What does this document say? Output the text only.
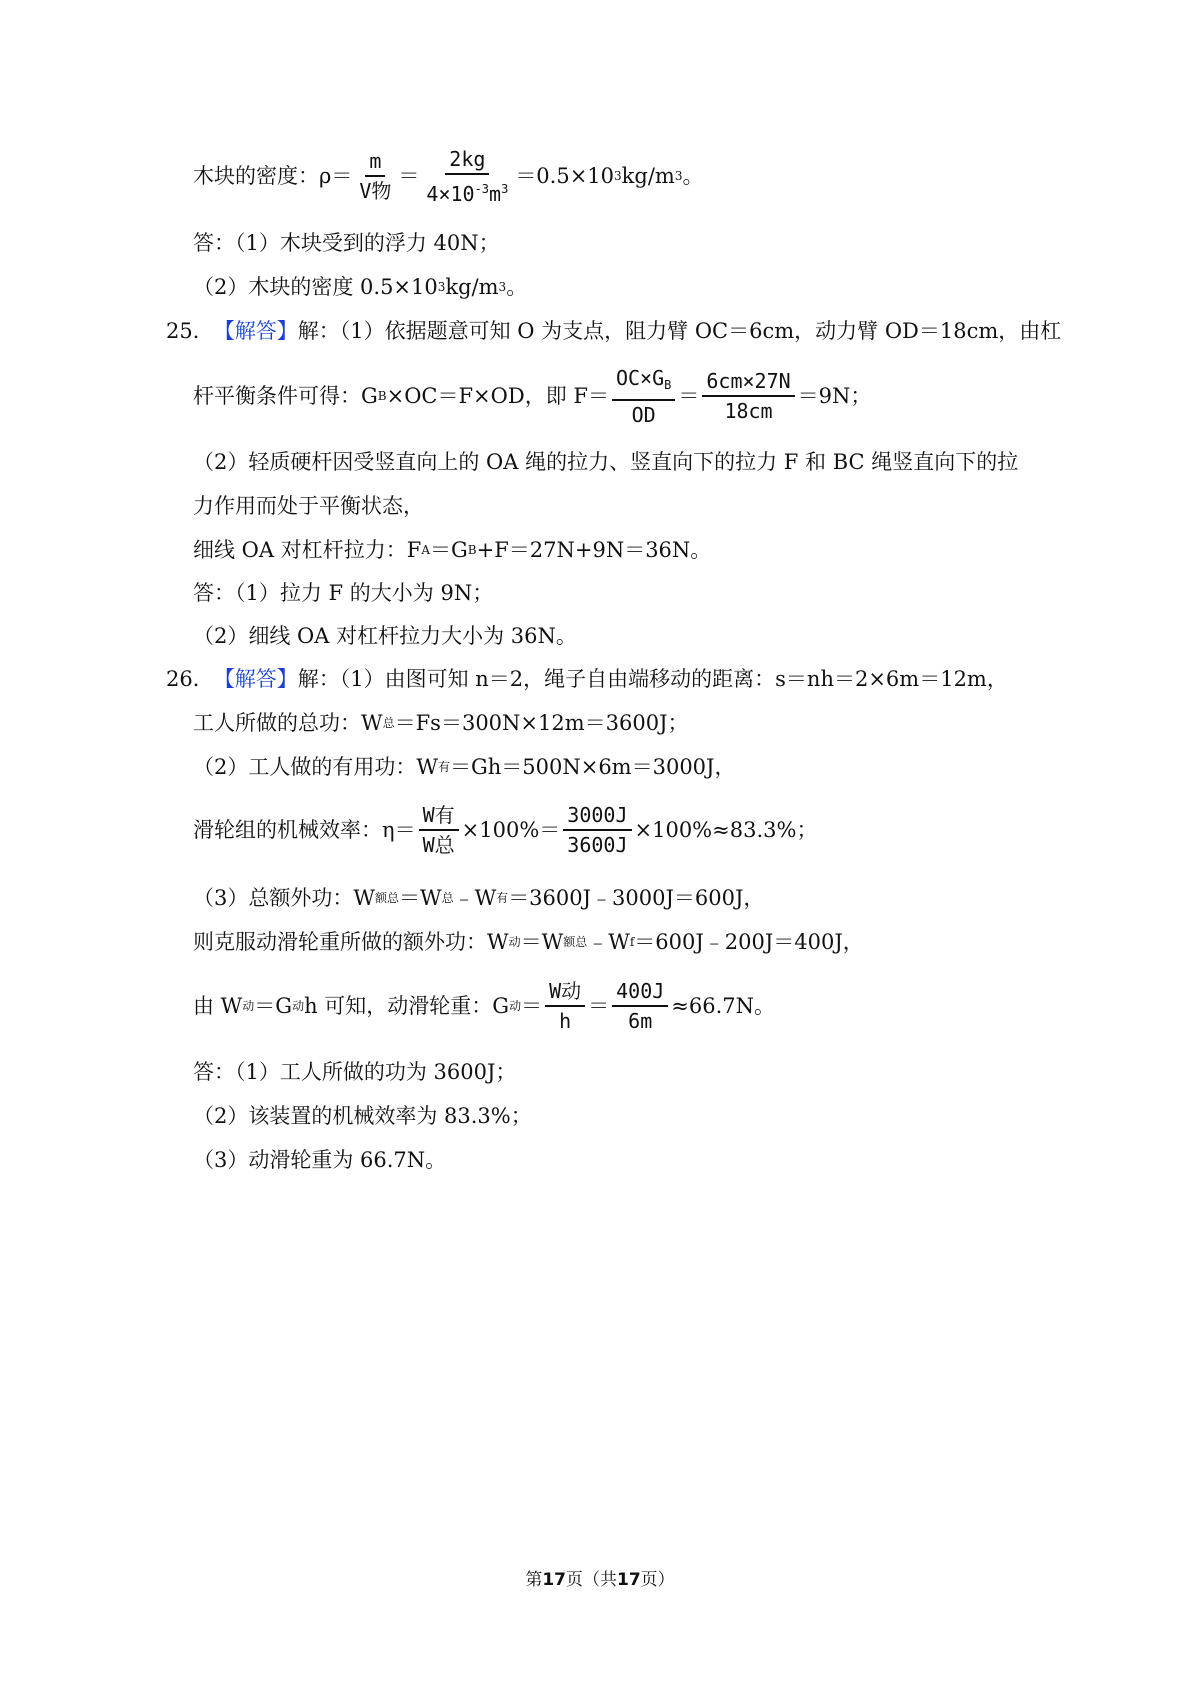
木块的密度：$\rho= \frac{m}{\text{V物}} = \frac{2kg}{4\times 10^{-3}m^3} =0.5\times 10$ 3 kg/m 3 。
答：（1）木块受到的浮力 40N；
（2）木块的密度 0.5×10 3 kg/m 3 。
25． 【解答】 解：（1）依据题意可知 O 为支点，阻力臂 OC＝6cm，动力臂 OD＝18cm，由杠
杆平衡条件可得：G B ×OC＝F×OD，即 $F= \frac{OC\times G_B}{OD} = \frac{6cm\times 27N}{18cm} =9N$；
（2）轻质硬杆因受竖直向上的 OA 绳的拉力、竖直向下的拉力 F 和 BC 绳竖直向下的拉
力作用而处于平衡状态，
细线 OA 对杠杆拉力：F A ＝G B +F＝27N+9N＝36N。
答：（1）拉力 F 的大小为 9N；
（2）细线 OA 对杠杆拉力大小为 36N。
26． 【解答】 解：（1）由图可知 n＝2，绳子自由端移动的距离：s＝nh＝2×6m＝12m，
工人所做的总功：W 总 ＝Fs＝300N×12m＝3600J；
（2）工人做的有用功：W 有 ＝Gh＝500N×6m＝3000J，
滑轮组的机械效率：$\eta= \frac{\text{W有}}{\text{W总}} \times 100\%= \frac{3000J}{3600J} \times 100\%\approx 83.3\%$；
（3）总额外功：W 额总 ＝W 总 ﹣W 有 ＝3600J﹣3000J＝600J，
则克服动滑轮重所做的额外功：W 动 ＝W 额总 ﹣W f ＝600J﹣200J＝400J，
由 W 动 ＝G 动 h 可知，动滑轮重：G 动 ＝ $\frac{\text{W动}}{h} = \frac{400J}{6m} \approx 66.7N$。
答：（1）工人所做的功为 3600J；
（2）该装置的机械效率为 83.3%；
（3）动滑轮重为 66.7N。
第17页（共17页）
